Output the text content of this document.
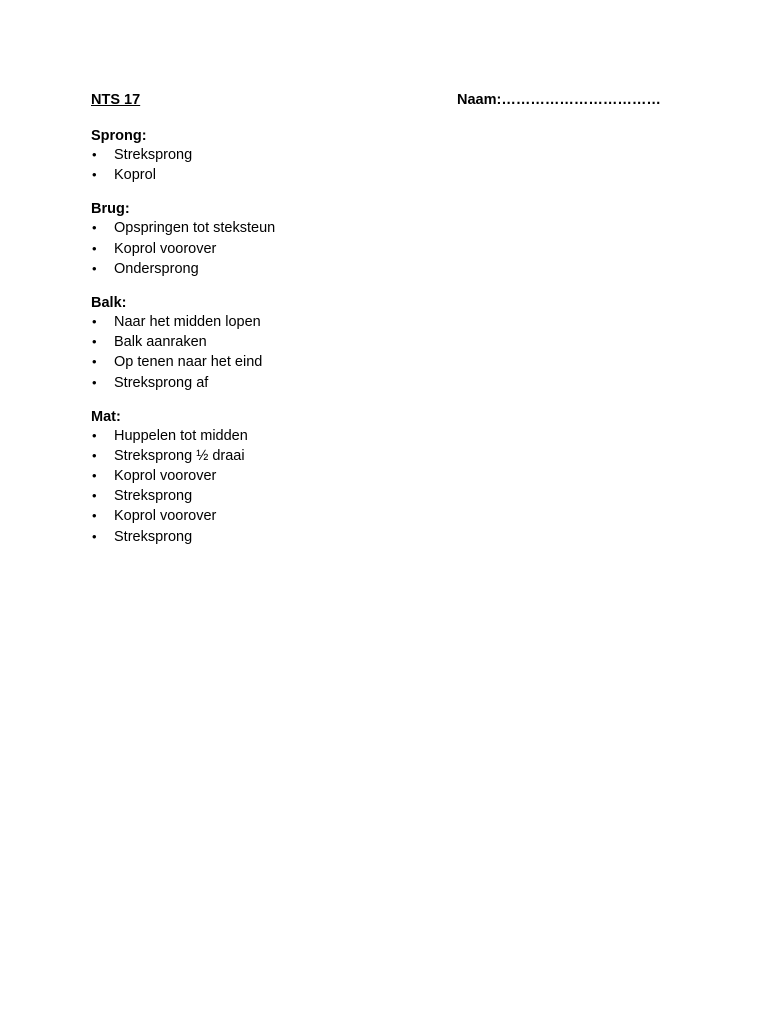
NTS 17	Naam:……………………………
Sprong:
• Streksprong
• Koprol
Brug:
• Opspringen tot steksteun
• Koprol voorover
• Ondersprong
Balk:
• Naar het midden lopen
• Balk aanraken
• Op tenen naar het eind
• Streksprong af
Mat:
• Huppelen tot midden
• Streksprong ½ draai
• Koprol voorover
• Streksprong
• Koprol voorover
• Streksprong
